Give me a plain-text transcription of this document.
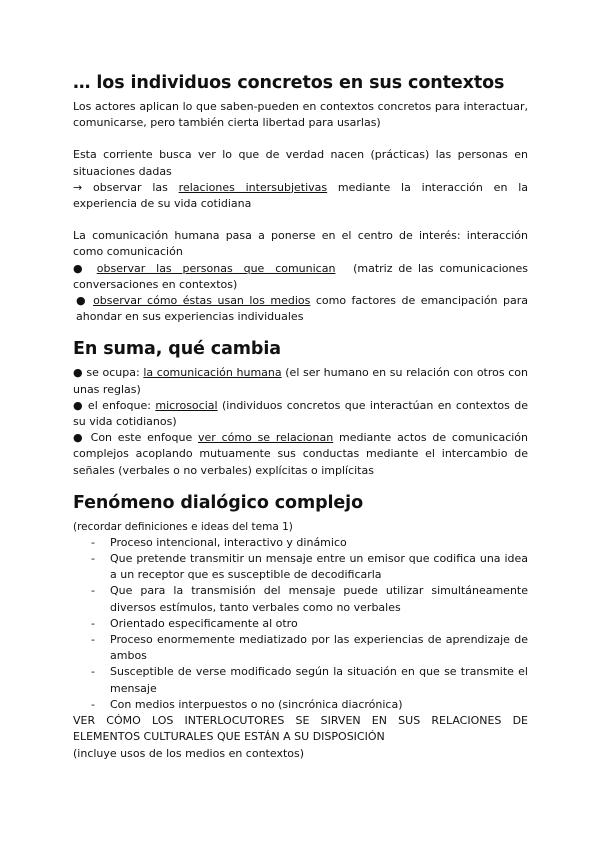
… los individuos concretos en sus contextos

Los actores aplican lo que saben-pueden en contextos concretos para interactuar, comunicarse, pero también cierta libertad para usarlas)

Esta corriente busca ver lo que de verdad nacen (prácticas) las personas en situaciones dadas

→ observar las relaciones intersubjetivas mediante la interacción en la experiencia de su vida cotidiana

La comunicación humana pasa a ponerse en el centro de interés: interacción como comunicación

● observar las personas que comunican (matriz de las comunicaciones conversaciones en contextos)

● observar cómo éstas usan los medios como factores de emancipación para ahondar en sus experiencias individuales

En suma, qué cambia

● se ocupa: la comunicación humana (el ser humano en su relación con otros con unas reglas)

● el enfoque: microsocial (individuos concretos que interactúan en contextos de su vida cotidianos)

● Con este enfoque ver cómo se relacionan mediante actos de comunicación complejos acoplando mutuamente sus conductas mediante el intercambio de señales (verbales o no verbales) explícitas o implícitas

Fenómeno dialógico complejo

(recordar definiciones e ideas del tema 1)

- Proceso intencional, interactivo y dinámico
- Que pretende transmitir un mensaje entre un emisor que codifica una idea a un receptor que es susceptible de decodificarla
- Que para la transmisión del mensaje puede utilizar simultáneamente diversos estímulos, tanto verbales como no verbales
- Orientado especificamente al otro
- Proceso enormemente mediatizado por las experiencias de aprendizaje de ambos
- Susceptible de verse modificado según la situación en que se transmite el mensaje
- Con medios interpuestos o no (sincrónica diacrónica)

VER CÓMO LOS INTERLOCUTORES SE SIRVEN EN SUS RELACIONES DE ELEMENTOS CULTURALES QUE ESTÁN A SU DISPOSICIÓN

(incluye usos de los medios en contextos)
